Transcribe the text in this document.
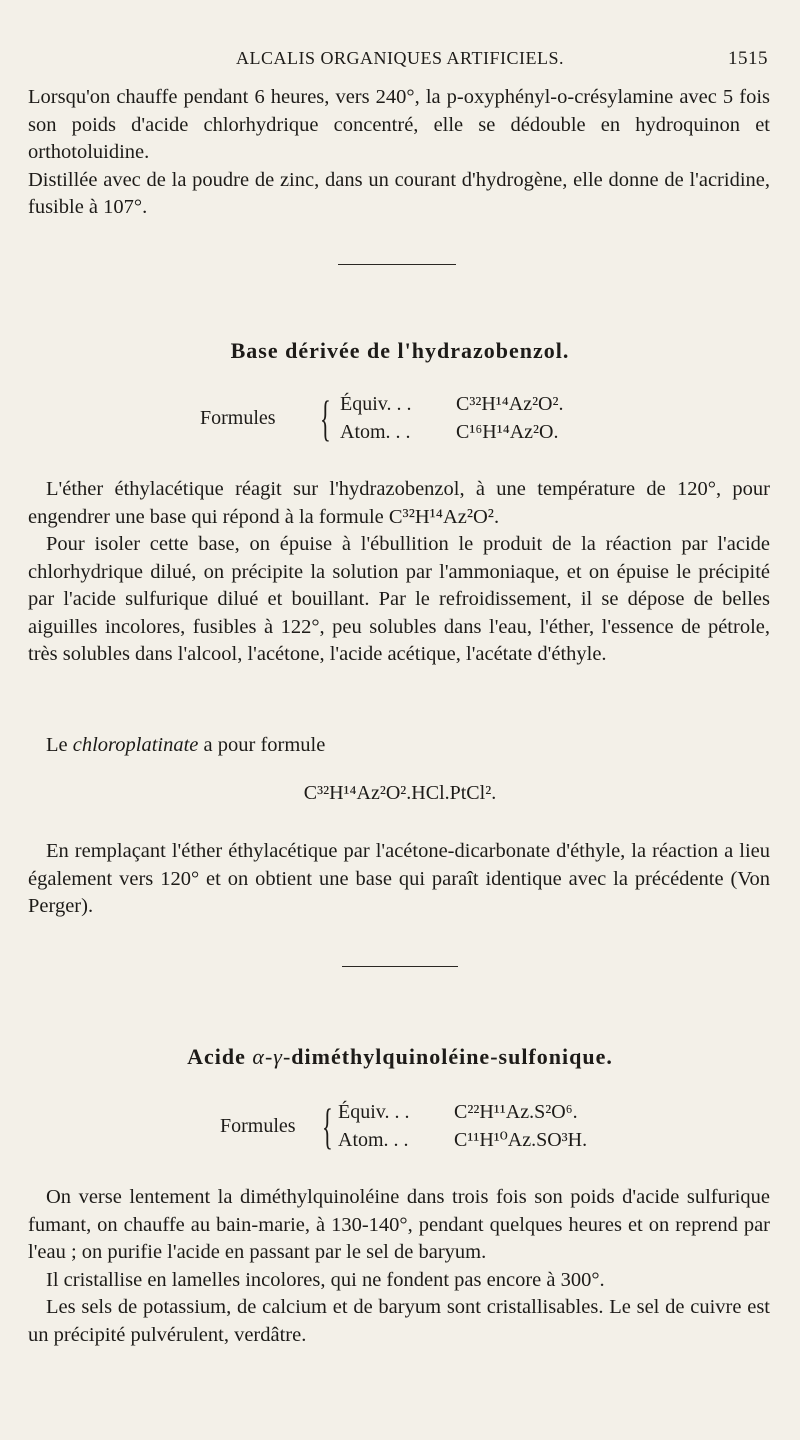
ALCALIS ORGANIQUES ARTIFICIELS.	1515

Lorsqu'on chauffe pendant 6 heures, vers 240°, la p-oxyphényl-o-crésylamine avec 5 fois son poids d'acide chlorhydrique concentré, elle se dédouble en hydroquinon et orthotoluidine.

Distillée avec de la poudre de zinc, dans un courant d'hydrogène, elle donne de l'acridine, fusible à 107°.

Base dérivée de l'hydrazobenzol.
Formules { Équiv. . . C³²H¹⁴Az²O².
Atom. . . C¹⁶H¹⁴Az²O.

L'éther éthylacétique réagit sur l'hydrazobenzol, à une température de 120°, pour engendrer une base qui répond à la formule C³²H¹⁴Az²O².

Pour isoler cette base, on épuise à l'ébullition le produit de la réaction par l'acide chlorhydrique dilué, on précipite la solution par l'ammoniaque, et on épuise le précipité par l'acide sulfurique dilué et bouillant. Par le refroidissement, il se dépose de belles aiguilles incolores, fusibles à 122°, peu solubles dans l'eau, l'éther, l'essence de pétrole, très solubles dans l'alcool, l'acétone, l'acide acétique, l'acétate d'éthyle.

Le chloroplatinate a pour formule

C³²H¹⁴Az²O².HCl.PtCl².

En remplaçant l'éther éthylacétique par l'acétone-dicarbonate d'éthyle, la réaction a lieu également vers 120° et on obtient une base qui paraît identique avec la précédente (Von Perger).

Acide α-γ-diméthylquinoléine-sulfonique.
Formules { Équiv. . . C²²H¹¹Az.S²O⁶.
Atom. . . C¹¹H¹⁰Az.SO³H.

On verse lentement la diméthylquinoléine dans trois fois son poids d'acide sulfurique fumant, on chauffe au bain-marie, à 130-140°, pendant quelques heures et on reprend par l'eau ; on purifie l'acide en passant par le sel de baryum.

Il cristallise en lamelles incolores, qui ne fondent pas encore à 300°.

Les sels de potassium, de calcium et de baryum sont cristallisables. Le sel de cuivre est un précipité pulvérulent, verdâtre.
